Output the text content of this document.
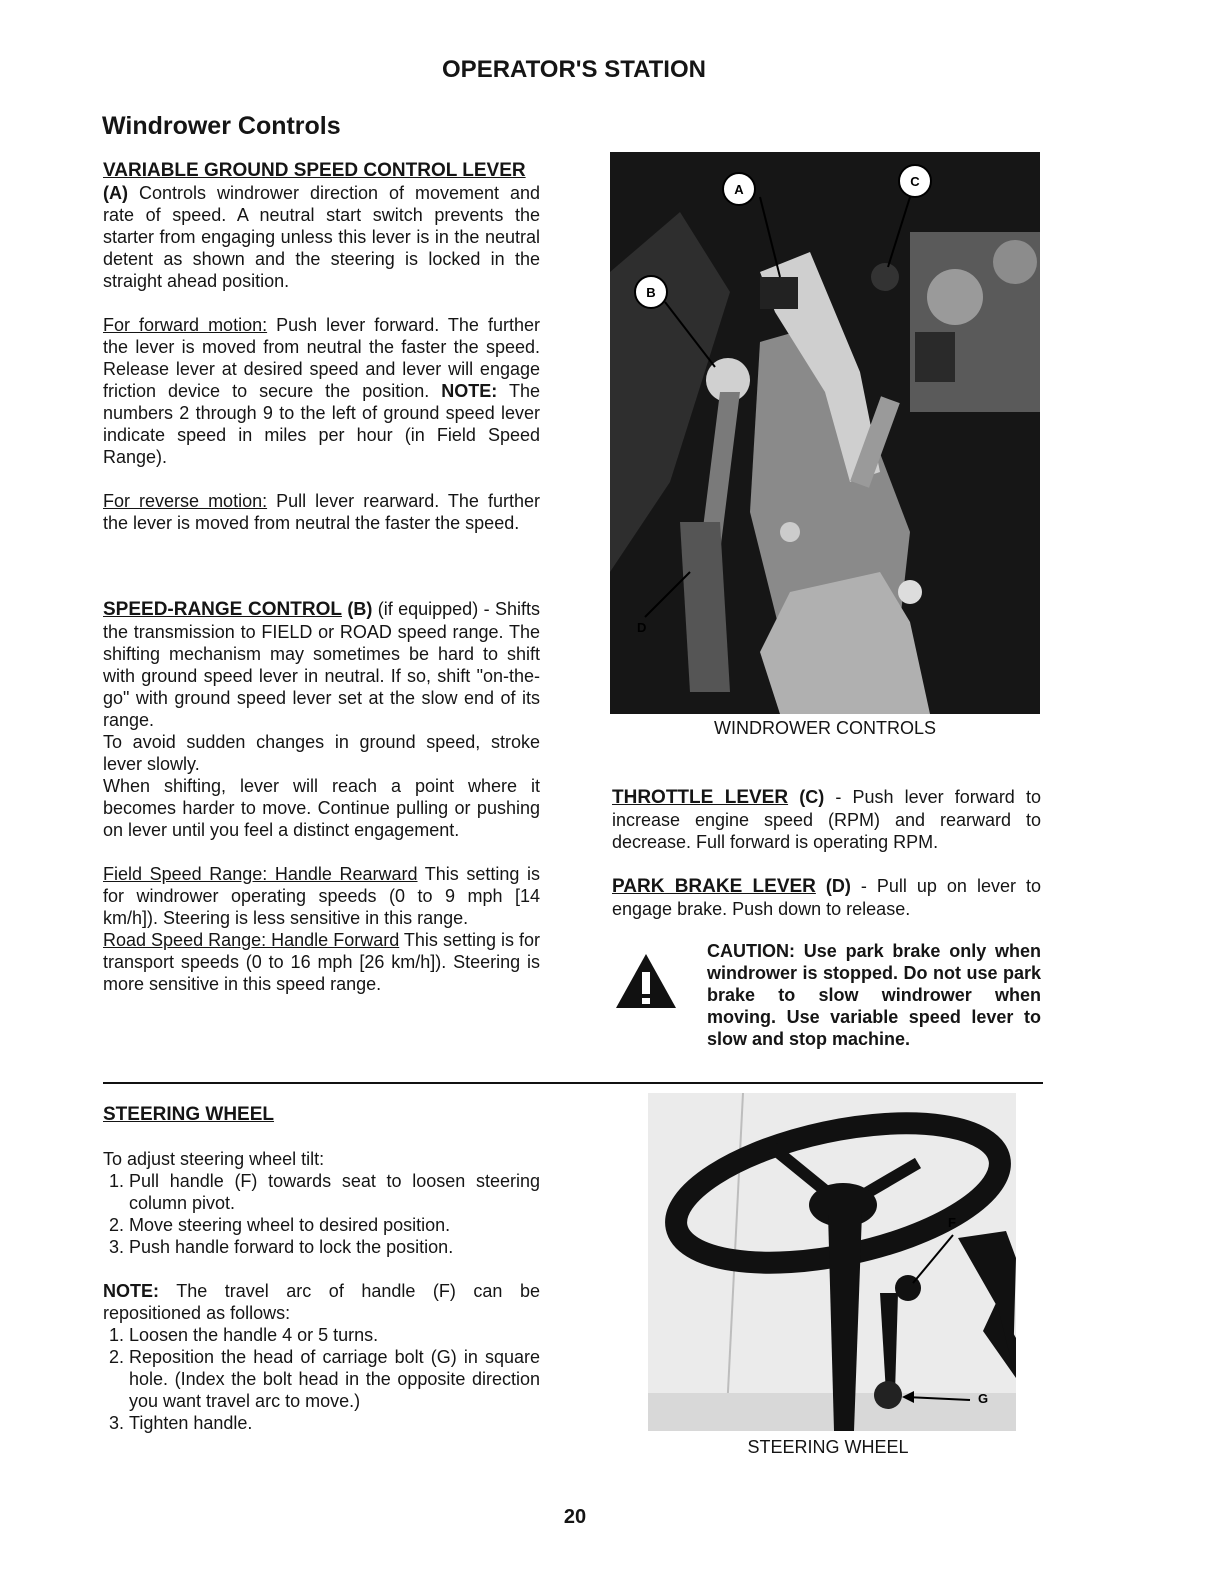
OPERATOR'S STATION
Windrower Controls
VARIABLE GROUND SPEED CONTROL LEVER

(A) Controls windrower direction of movement and rate of speed. A neutral start switch prevents the starter from engaging unless this lever is in the neutral detent as shown and the steering is locked in the straight ahead position.

For forward motion: Push lever forward. The further the lever is moved from neutral the faster the speed. Release lever at desired speed and lever will engage friction device to secure the position. NOTE: The numbers 2 through 9 to the left of ground speed lever indicate speed in miles per hour (in Field Speed Range).

For reverse motion: Pull lever rearward. The further the lever is moved from neutral the faster the speed.

SPEED-RANGE CONTROL (B) (if equipped) - Shifts the transmission to FIELD or ROAD speed range. The shifting mechanism may sometimes be hard to shift with ground speed lever in neutral. If so, shift "on-the-go" with ground speed lever set at the slow end of its range.

To avoid sudden changes in ground speed, stroke lever slowly.

When shifting, lever will reach a point where it becomes harder to move. Continue pulling or pushing on lever until you feel a distinct engagement.

Field Speed Range: Handle Rearward This setting is for windrower operating speeds (0 to 9 mph [14 km/h]). Steering is less sensitive in this range.

Road Speed Range: Handle Forward This setting is for transport speeds (0 to 16 mph [26 km/h]). Steering is more sensitive in this speed range.

A
C
B
D
WINDROWER CONTROLS

THROTTLE LEVER (C) - Push lever forward to increase engine speed (RPM) and rearward to decrease. Full forward is operating RPM.

PARK BRAKE LEVER (D) - Pull up on lever to engage brake. Push down to release.

CAUTION: Use park brake only when windrower is stopped. Do not use park brake to slow windrower when moving. Use variable speed lever to slow and stop machine.
STEERING WHEEL

To adjust steering wheel tilt:

1. Pull handle (F) towards seat to loosen steering column pivot.
2. Move steering wheel to desired position.
3. Push handle forward to lock the position.

NOTE: The travel arc of handle (F) can be repositioned as follows:

1. Loosen the handle 4 or 5 turns.
2. Reposition the head of carriage bolt (G) in square hole. (Index the bolt head in the opposite direction you want travel arc to move.)
3. Tighten handle.
F
G
STEERING WHEEL
20
